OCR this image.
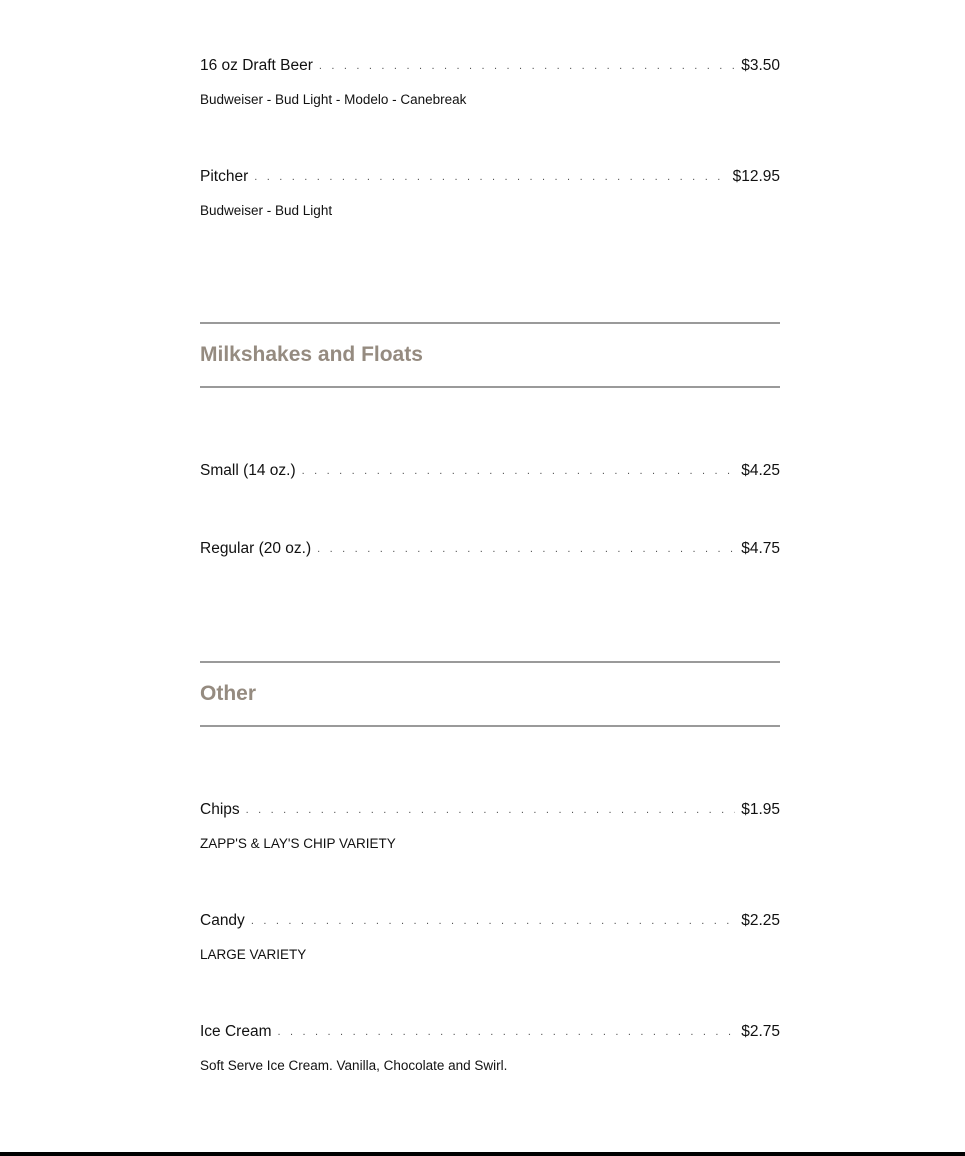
16 oz Draft Beer . . .	$3.50
Budweiser - Bud Light - Modelo - Canebreak
Pitcher . . .	$12.95
Budweiser - Bud Light
Milkshakes and Floats
Small (14 oz.) . . .	$4.25
Regular (20 oz.) . . .	$4.75
Other
Chips . . .	$1.95
ZAPP'S & LAY'S CHIP VARIETY
Candy . . .	$2.25
LARGE VARIETY
Ice Cream . . .	$2.75
Soft Serve Ice Cream. Vanilla, Chocolate and Swirl.
